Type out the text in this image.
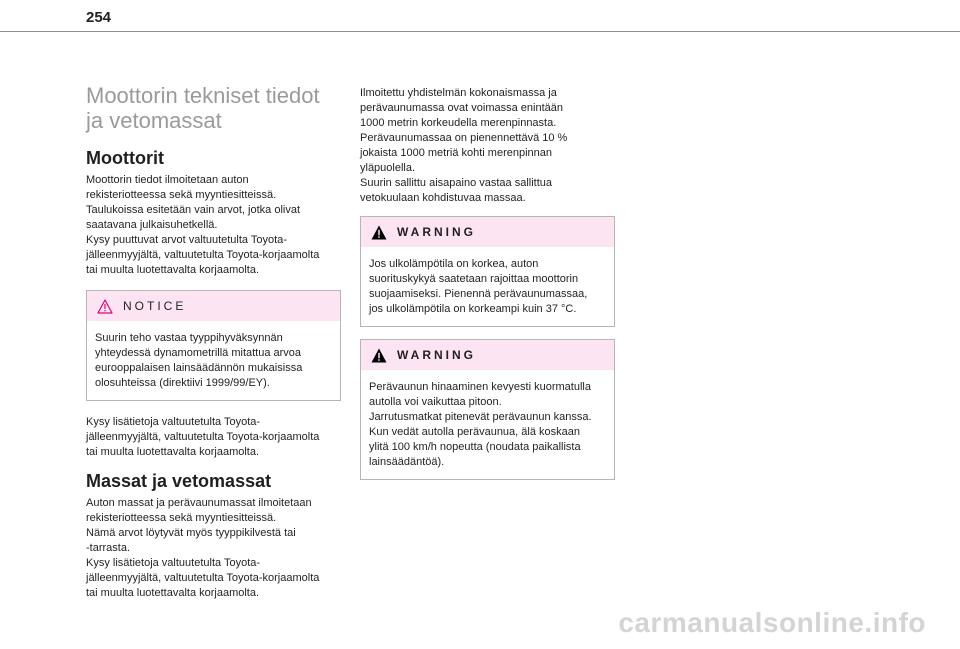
254
Moottorin tekniset tiedot
ja vetomassat
Moottorit

Moottorin tiedot ilmoitetaan auton
rekisteriotteessa sekä myyntiesitteissä.
Taulukoissa esitetään vain arvot, jotka olivat
saatavana julkaisuhetkellä.
Kysy puuttuvat arvot valtuutetulta Toyota-
jälleenmyyjältä, valtuutetulta Toyota-korjaamolta
tai muulta luotettavalta korjaamolta.

NOTICE

Suurin teho vastaa tyyppihyväksynnän
yhteydessä dynamometrillä mitattua arvoa
eurooppalaisen lainsäädännön mukaisissa
olosuhteissa (direktiivi 1999/99/EY).

Kysy lisätietoja valtuutetulta Toyota-
jälleenmyyjältä, valtuutetulta Toyota-korjaamolta
tai muulta luotettavalta korjaamolta.

Massat ja vetomassat

Auton massat ja perävaunumassat ilmoitetaan
rekisteriotteessa sekä myyntiesitteissä.
Nämä arvot löytyvät myös tyyppikilvestä tai
-tarrasta.
Kysy lisätietoja valtuutetulta Toyota-
jälleenmyyjältä, valtuutetulta Toyota-korjaamolta
tai muulta luotettavalta korjaamolta.

Ilmoitettu yhdistelmän kokonaismassa ja
perävaunumassa ovat voimassa enintään
1000 metrin korkeudella merenpinnasta.
Perävaunumassaa on pienennettävä 10 %
jokaista 1000 metriä kohti merenpinnan
yläpuolella.
Suurin sallittu aisapaino vastaa sallittua
vetokuulaan kohdistuvaa massaa.

WARNING

Jos ulkolämpötila on korkea, auton
suorituskykyä saatetaan rajoittaa moottorin
suojaamiseksi. Pienennä perävaunumassaa,
jos ulkolämpötila on korkeampi kuin 37 °C.

WARNING

Perävaunun hinaaminen kevyesti kuormatulla
autolla voi vaikuttaa pitoon.
Jarrutusmatkat pitenevät perävaunun kanssa.
Kun vedät autolla perävaunua, älä koskaan
ylitä 100 km/h nopeutta (noudata paikallista
lainsäädäntöä).

carmanualsonline.info
